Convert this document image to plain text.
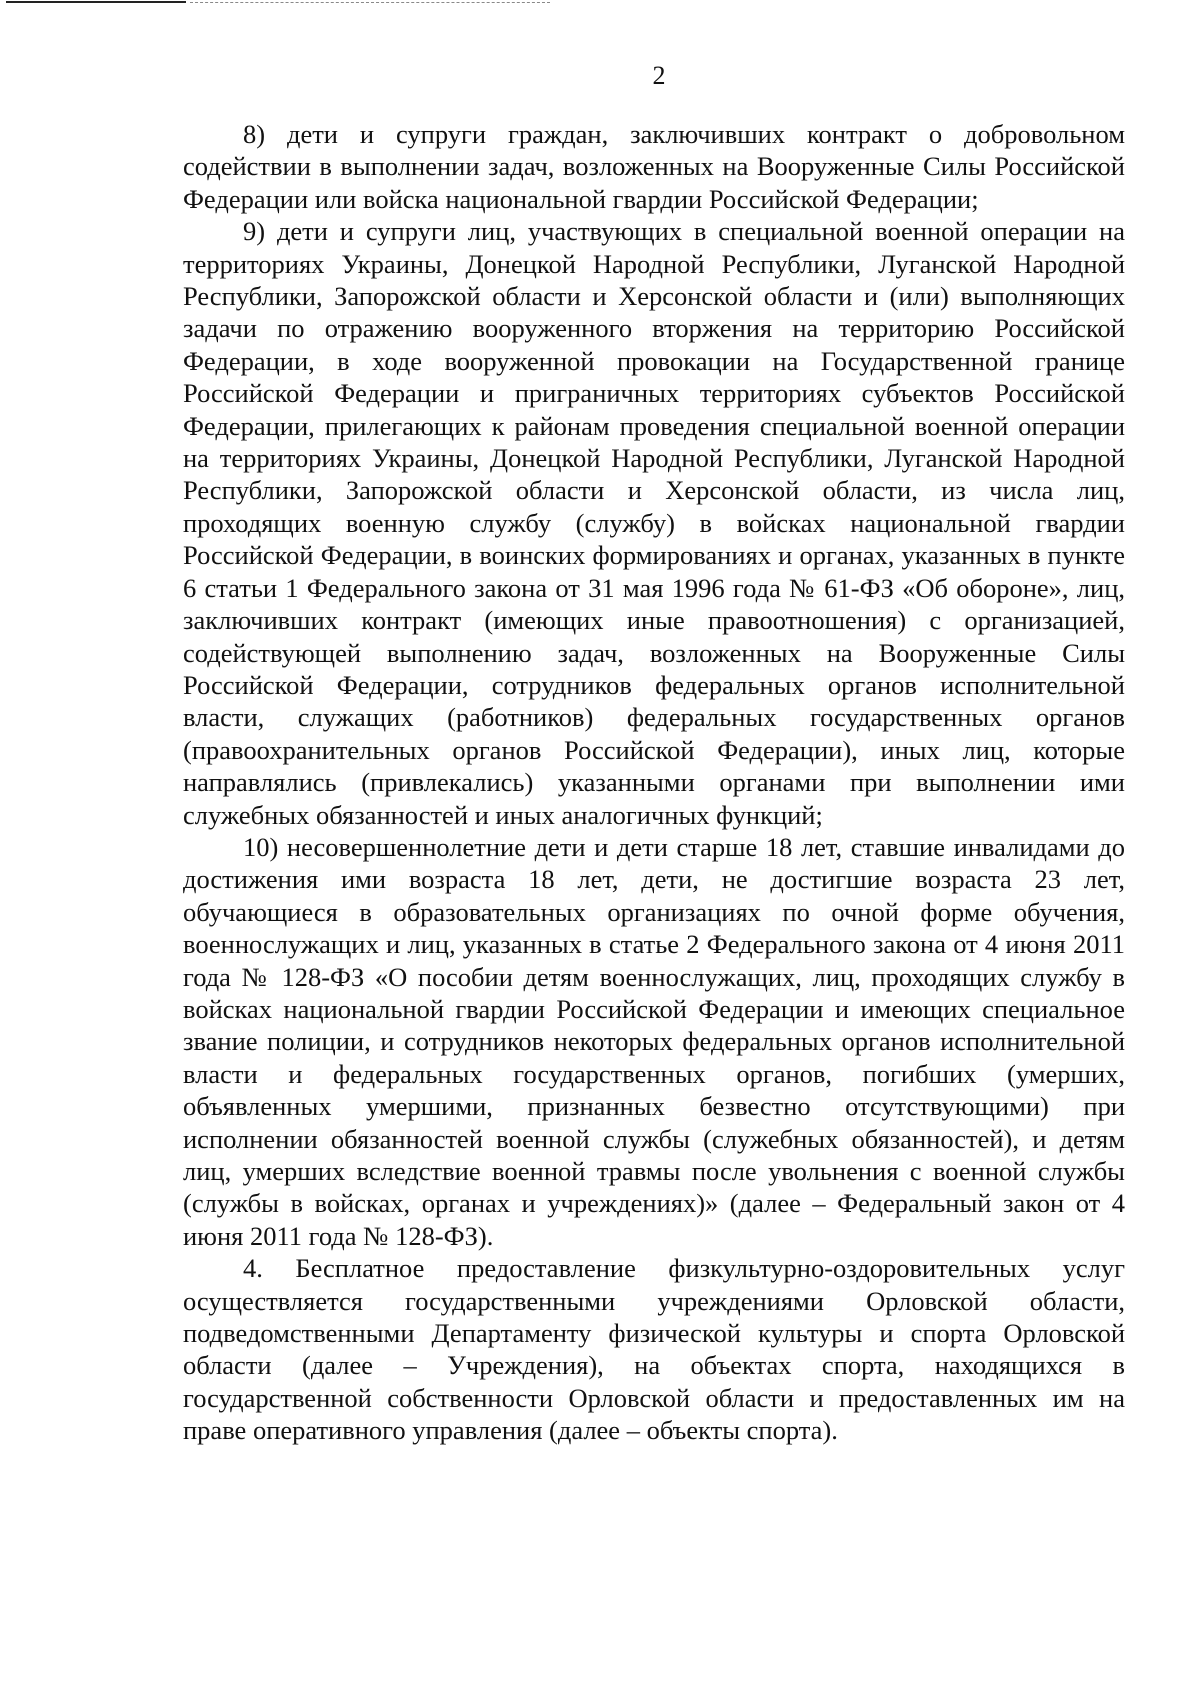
2

8) дети и супруги граждан, заключивших контракт о добровольном содействии в выполнении задач, возложенных на Вооруженные Силы Российской Федерации или войска национальной гвардии Российской Федерации;

9) дети и супруги лиц, участвующих в специальной военной операции на территориях Украины, Донецкой Народной Республики, Луганской Народной Республики, Запорожской области и Херсонской области и (или) выполняющих задачи по отражению вооруженного вторжения на территорию Российской Федерации, в ходе вооруженной провокации на Государственной границе Российской Федерации и приграничных территориях субъектов Российской Федерации, прилегающих к районам проведения специальной военной операции на территориях Украины, Донецкой Народной Республики, Луганской Народной Республики, Запорожской области и Херсонской области, из числа лиц, проходящих военную службу (службу) в войсках национальной гвардии Российской Федерации, в воинских формированиях и органах, указанных в пункте 6 статьи 1 Федерального закона от 31 мая 1996 года № 61-ФЗ «Об обороне», лиц, заключивших контракт (имеющих иные правоотношения) с организацией, содействующей выполнению задач, возложенных на Вооруженные Силы Российской Федерации, сотрудников федеральных органов исполнительной власти, служащих (работников) федеральных государственных органов (правоохранительных органов Российской Федерации), иных лиц, которые направлялись (привлекались) указанными органами при выполнении ими служебных обязанностей и иных аналогичных функций;

10) несовершеннолетние дети и дети старше 18 лет, ставшие инвалидами до достижения ими возраста 18 лет, дети, не достигшие возраста 23 лет, обучающиеся в образовательных организациях по очной форме обучения, военнослужащих и лиц, указанных в статье 2 Федерального закона от 4 июня 2011 года № 128-ФЗ «О пособии детям военнослужащих, лиц, проходящих службу в войсках национальной гвардии Российской Федерации и имеющих специальное звание полиции, и сотрудников некоторых федеральных органов исполнительной власти и федеральных государственных органов, погибших (умерших, объявленных умершими, признанных безвестно отсутствующими) при исполнении обязанностей военной службы (служебных обязанностей), и детям лиц, умерших вследствие военной травмы после увольнения с военной службы (службы в войсках, органах и учреждениях)» (далее – Федеральный закон от 4 июня 2011 года № 128-ФЗ).

4. Бесплатное предоставление физкультурно-оздоровительных услуг осуществляется государственными учреждениями Орловской области, подведомственными Департаменту физической культуры и спорта Орловской области (далее – Учреждения), на объектах спорта, находящихся в государственной собственности Орловской области и предоставленных им на праве оперативного управления (далее – объекты спорта).
